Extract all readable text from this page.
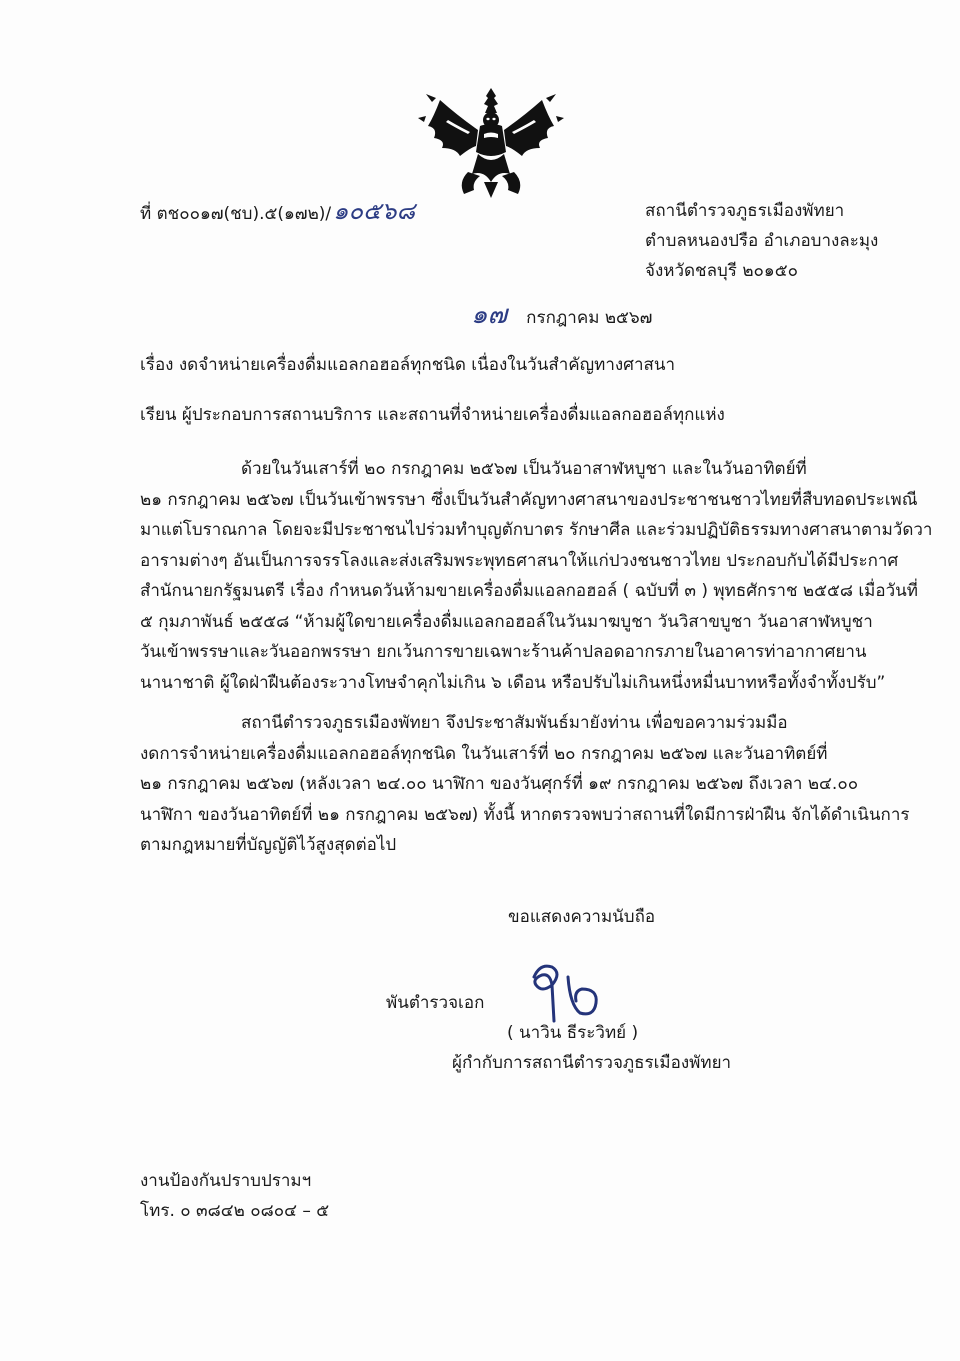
ที่ ตช๐๐๑๗(ชบ).๕(๑๗๒)/๑๐๕๖๘	สถานีตำรวจภูธรเมืองพัทยา
ตำบลหนองปรือ อำเภอบางละมุง
จังหวัดชลบุรี ๒๐๑๕๐
๑๗ กรกฎาคม ๒๕๖๗
เรื่อง งดจำหน่ายเครื่องดื่มแอลกอฮอล์ทุกชนิด เนื่องในวันสำคัญทางศาสนา
เรียน ผู้ประกอบการสถานบริการ และสถานที่จำหน่ายเครื่องดื่มแอลกอฮอล์ทุกแห่ง

ด้วยในวันเสาร์ที่ ๒๐ กรกฎาคม ๒๕๖๗ เป็นวันอาสาฬหบูชา และในวันอาทิตย์ที่

๒๑ กรกฎาคม ๒๕๖๗ เป็นวันเข้าพรรษา ซึ่งเป็นวันสำคัญทางศาสนาของประชาชนชาวไทยที่สืบทอดประเพณี

มาแต่โบราณกาล โดยจะมีประชาชนไปร่วมทำบุญตักบาตร รักษาศีล และร่วมปฏิบัติธรรมทางศาสนาตามวัดวา

อารามต่างๆ อันเป็นการจรรโลงและส่งเสริมพระพุทธศาสนาให้แก่ปวงชนชาวไทย ประกอบกับได้มีประกาศ

สำนักนายกรัฐมนตรี เรื่อง กำหนดวันห้ามขายเครื่องดื่มแอลกอฮอล์ ( ฉบับที่ ๓ ) พุทธศักราช ๒๕๕๘ เมื่อวันที่

๕ กุมภาพันธ์ ๒๕๕๘ “ห้ามผู้ใดขายเครื่องดื่มแอลกอฮอล์ในวันมาฆบูชา วันวิสาขบูชา วันอาสาฬหบูชา

วันเข้าพรรษาและวันออกพรรษา ยกเว้นการขายเฉพาะร้านค้าปลอดอากรภายในอาคารท่าอากาศยาน

นานาชาติ ผู้ใดฝ่าฝืนต้องระวางโทษจำคุกไม่เกิน ๖ เดือน หรือปรับไม่เกินหนึ่งหมื่นบาทหรือทั้งจำทั้งปรับ”

สถานีตำรวจภูธรเมืองพัทยา จึงประชาสัมพันธ์มายังท่าน เพื่อขอความร่วมมือ

งดการจำหน่ายเครื่องดื่มแอลกอฮอล์ทุกชนิด ในวันเสาร์ที่ ๒๐ กรกฎาคม ๒๕๖๗ และวันอาทิตย์ที่

๒๑ กรกฎาคม ๒๕๖๗ (หลังเวลา ๒๔.๐๐ นาฬิกา ของวันศุกร์ที่ ๑๙ กรกฎาคม ๒๕๖๗ ถึงเวลา ๒๔.๐๐

นาฬิกา ของวันอาทิตย์ที่ ๒๑ กรกฎาคม ๒๕๖๗) ทั้งนี้ หากตรวจพบว่าสถานที่ใดมีการฝ่าฝืน จักได้ดำเนินการ

ตามกฎหมายที่บัญญัติไว้สูงสุดต่อไป

ขอแสดงความนับถือ
พันตำรวจเอก
( นาวิน ธีระวิทย์ )
ผู้กำกับการสถานีตำรวจภูธรเมืองพัทยา
งานป้องกันปราบปรามฯ
โทร. ๐ ๓๘๔๒ ๐๘๐๔ – ๕
